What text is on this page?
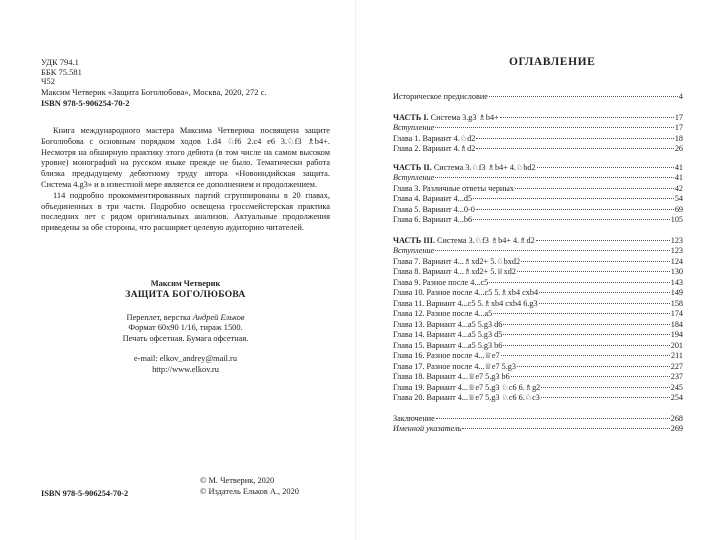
УДК 794.1
ББК 75.581
Ч52
Максим Четверик «Защита Боголюбова», Москва, 2020, 272 с.
ISBN 978-5-906254-70-2

Книга международного мастера Максима Четверика посвящена защите Боголюбова с основным порядком ходов 1.d4 ♘f6 2.c4 e6 3.♘f3 ♗b4+. Несмотря на обширную практику этого дебюта (в том числе на самом высоком уровне) монографий на русском языке прежде не было. Тематически работа близка предыдущему дебютному труду автора «Новоиндийская защита. Система 4.g3» и в известной мере является ее дополнением и продолжением.

114 подробно прокомментированных партий сгруппированы в 20 главах, объединенных в три части. Подробно освещена гроссмейстерская практика последних лет с рядом оригинальных анализов. Актуальные продолжения приведены за обе стороны, что расширяет целевую аудиторию читателей.

Максим Четверик
ЗАЩИТА БОГОЛЮБОВА
Переплет, верстка Андрей Ельков
Формат 60x90 1/16, тираж 1500.
Печать офсетная. Бумага офсетная.
e-mail: elkov_andrey@mail.ru
http://www.elkov.ru
ISBN 978-5-906254-70-2
© М. Четверик, 2020
© Издатель Ельков А., 2020
ОГЛАВЛЕНИЕ
Историческое предисловие	4
ЧАСТЬ I. Система 3.g3 ♗b4+	17
Вступление	17
Глава 1. Вариант 4.♘d2	18
Глава 2. Вариант 4.♗d2	26
ЧАСТЬ II. Система 3.♘f3 ♗b4+ 4.♘bd2	41
Вступление	41
Глава 3. Различные ответы черных	42
Глава 4. Вариант 4...d5	54
Глава 5. Вариант 4...0-0	69
Глава 6. Вариант 4...b6	105
ЧАСТЬ III. Система 3.♘f3 ♗b4+ 4.♗d2	123
Вступление	123
Глава 7. Вариант 4...♗xd2+ 5.♘bxd2	124
Глава 8. Вариант 4...♗xd2+ 5.♕xd2	130
Глава 9. Разное после 4...c5	143
Глава 10. Разное после 4...c5 5.♗xb4 cxb4	149
Глава 11. Вариант 4...c5 5.♗xb4 cxb4 6.g3	158
Глава 12. Разное после 4...a5	174
Глава 13. Вариант 4...a5 5.g3 d6	184
Глава 14. Вариант 4...a5 5.g3 d5	194
Глава 15. Вариант 4...a5 5.g3 b6	201
Глава 16. Разное после 4...♕e7	211
Глава 17. Разное после 4...♕e7 5.g3	227
Глава 18. Вариант 4...♕e7 5.g3 b6	237
Глава 19. Вариант 4...♕e7 5.g3 ♘c6 6.♗g2	245
Глава 20. Вариант 4...♕e7 5.g3 ♘c6 6.♘c3	254
Заключение	268
Именной указатель	269
